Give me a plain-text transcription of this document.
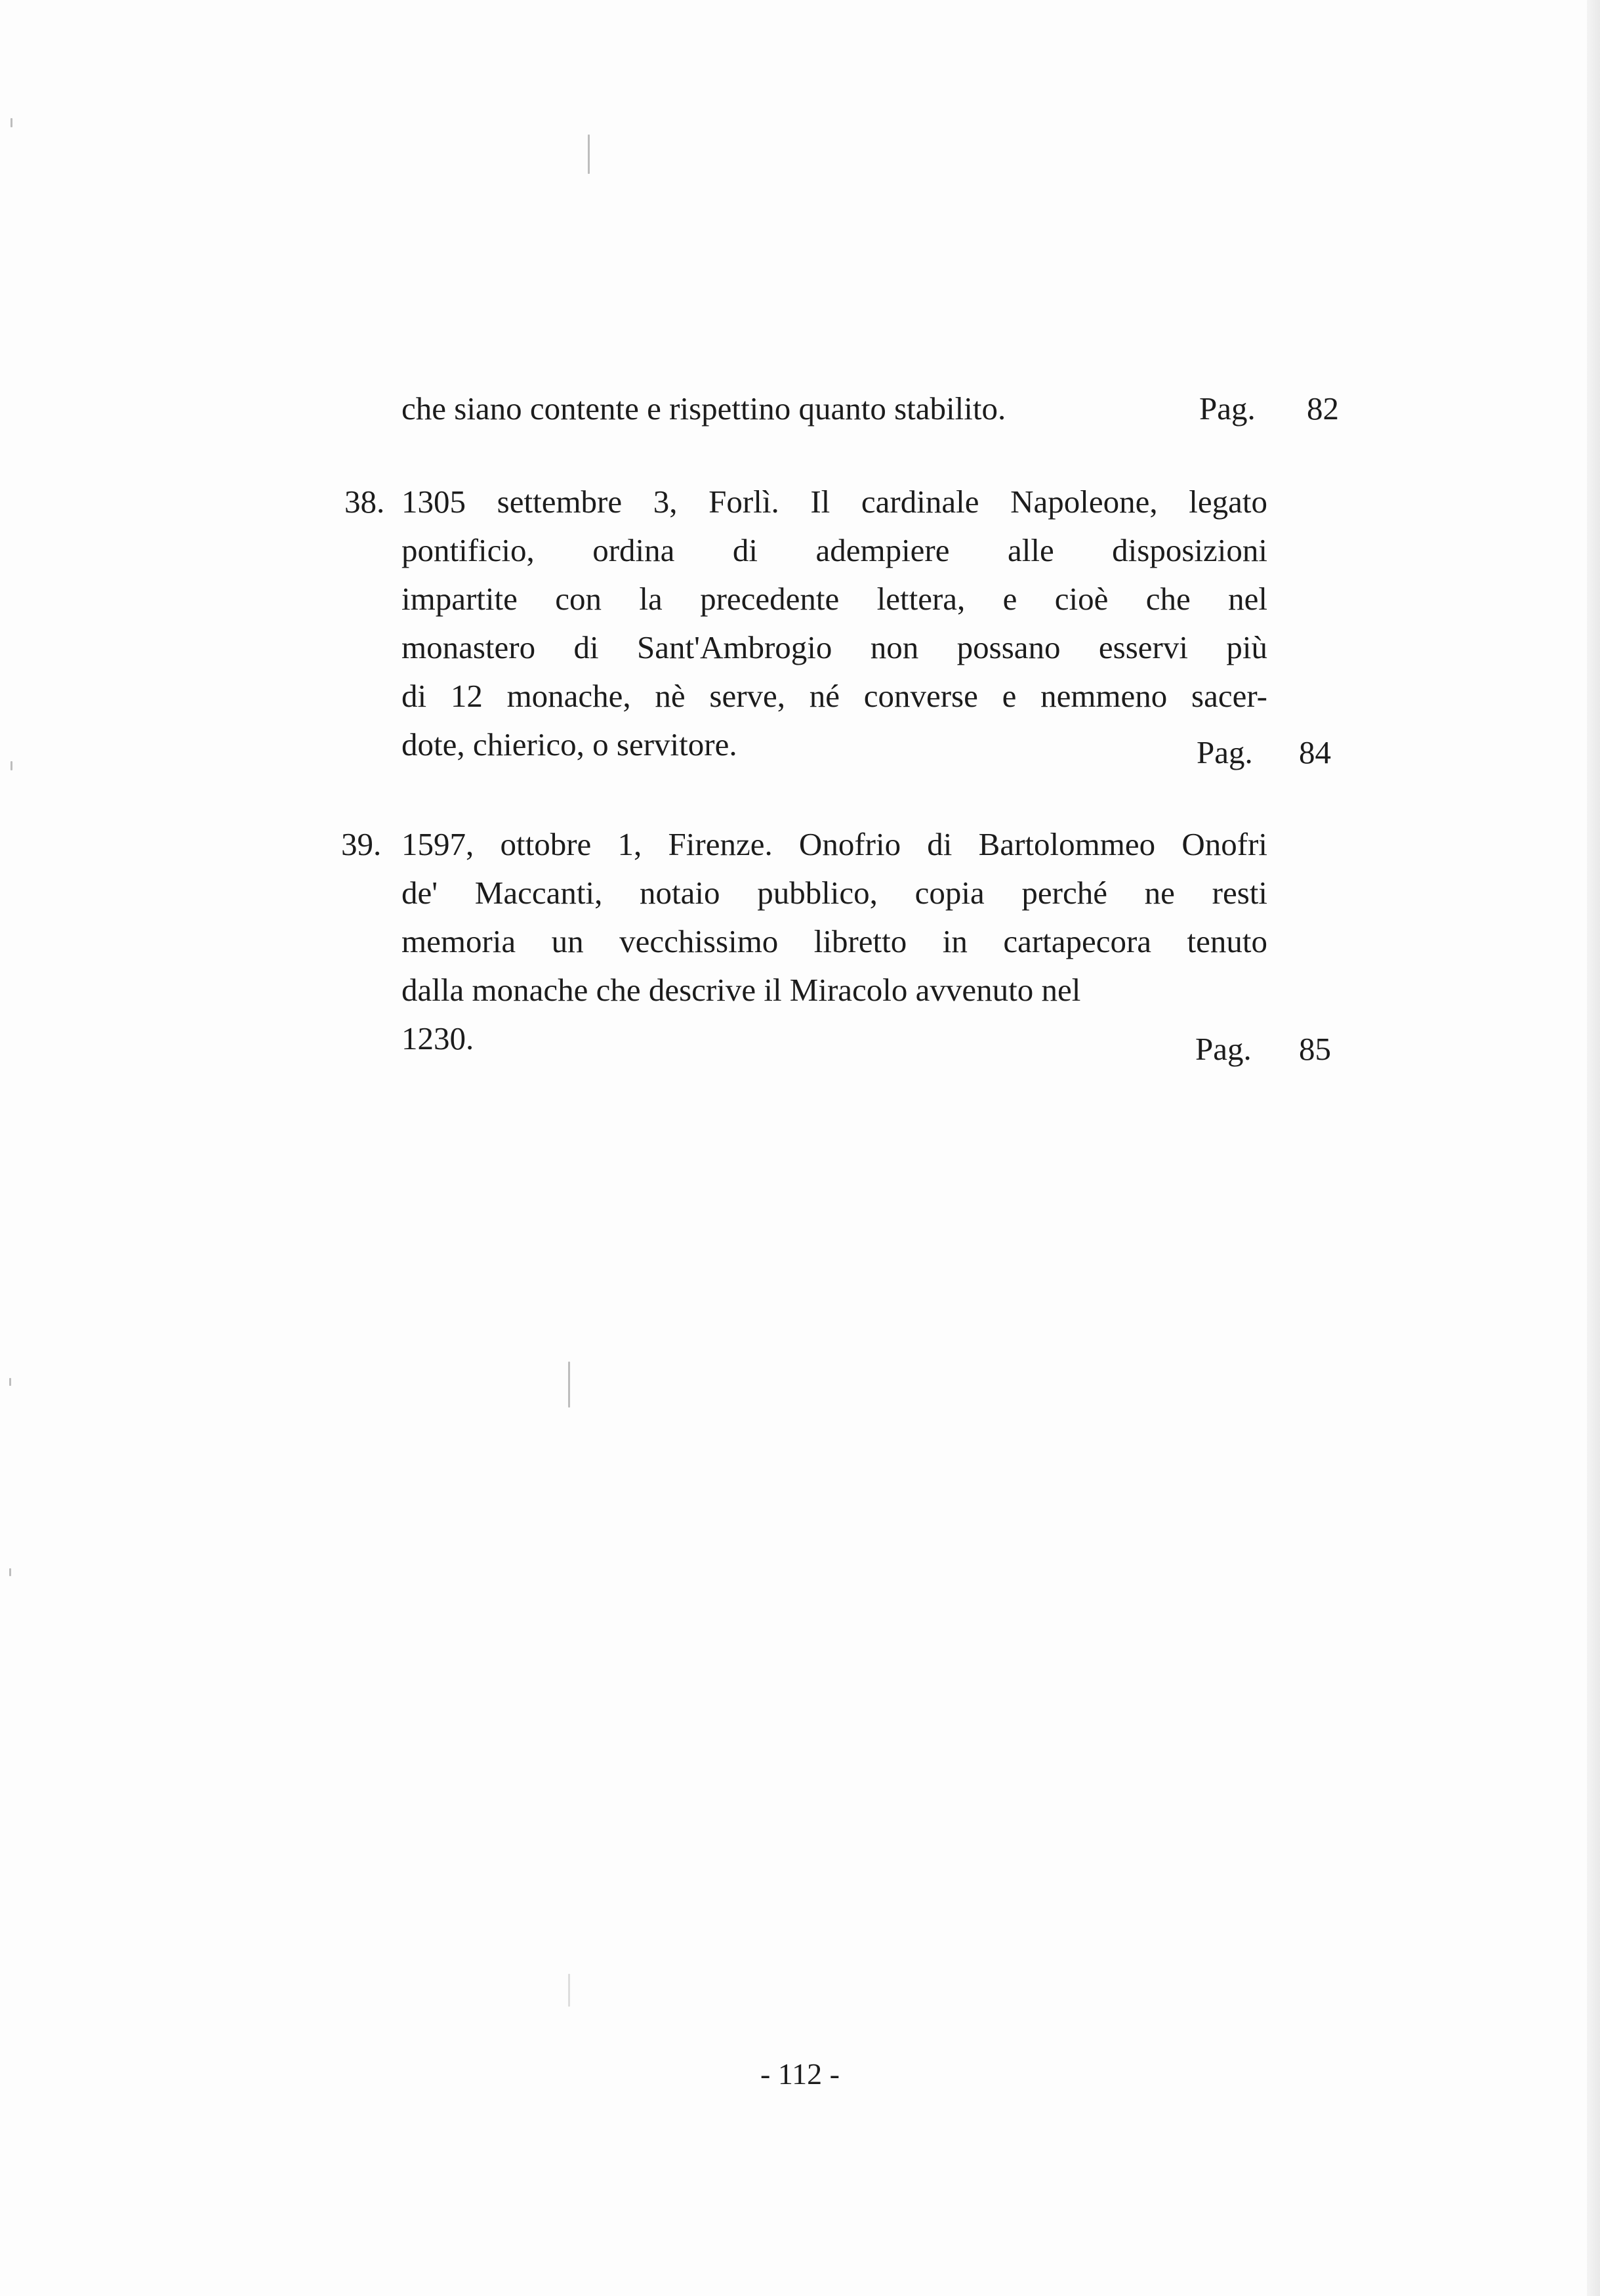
che siano contente e rispettino quanto stabilito.	Pag. 82
38. 1305 settembre 3, Forlì. Il cardinale Napoleone, legato
pontificio, ordina di adempiere alle disposizioni
impartite con la precedente lettera, e cioè che nel
monastero di Sant'Ambrogio non possano esservi più
di 12 monache, nè serve, né converse e nemmeno sacer-
dote, chierico, o servitore.	Pag. 84
39. 1597, ottobre 1, Firenze. Onofrio di Bartolommeo Onofri
de' Maccanti, notaio pubblico, copia perché ne resti
memoria un vecchissimo libretto in cartapecora tenuto
dalla monache che descrive il Miracolo avvenuto nel
1230.	Pag. 85
- 112 -
